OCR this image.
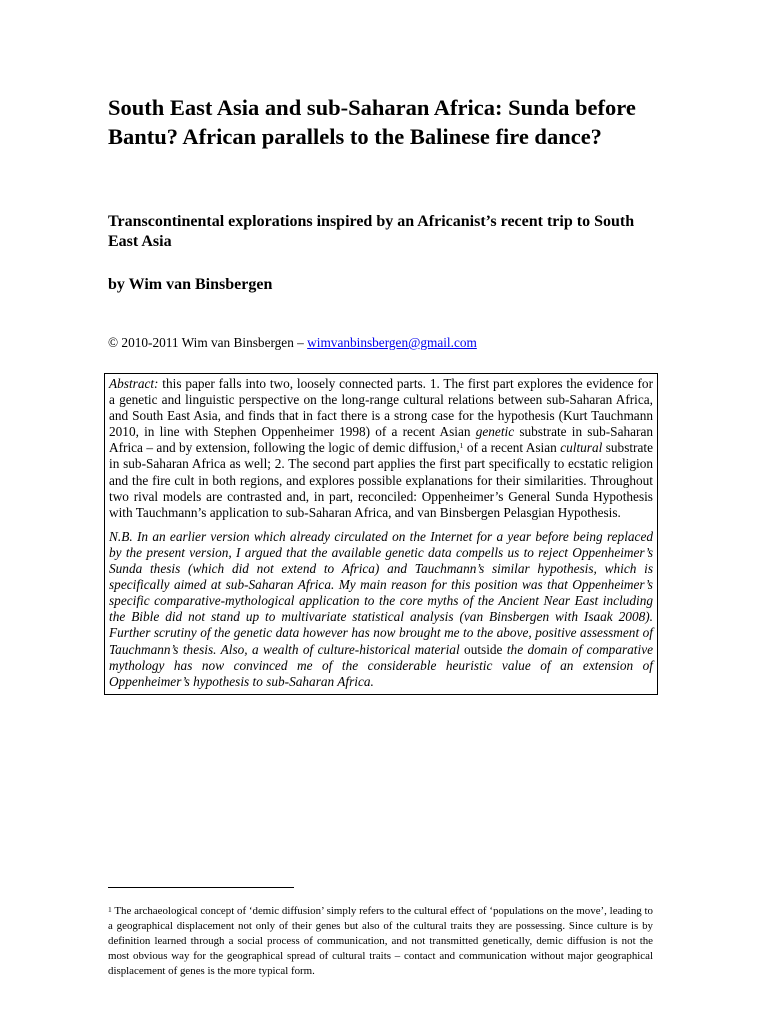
South East Asia and sub-Saharan Africa: Sunda before Bantu? African parallels to the Balinese fire dance?
Transcontinental explorations inspired by an Africanist’s recent trip to South East Asia

by Wim van Binsbergen

© 2010-2011 Wim van Binsbergen – wimvanbinsbergen@gmail.com

Abstract: this paper falls into two, loosely connected parts. 1. The first part explores the evidence for a genetic and linguistic perspective on the long-range cultural relations between sub-Saharan Africa, and South East Asia, and finds that in fact there is a strong case for the hypothesis (Kurt Tauchmann 2010, in line with Stephen Oppenheimer 1998) of a recent Asian genetic substrate in sub-Saharan Africa – and by extension, following the logic of demic diffusion,$^1$ of a recent Asian cultural substrate in sub-Saharan Africa as well; 2. The second part applies the first part specifically to ecstatic religion and the fire cult in both regions, and explores possible explanations for their similarities. Throughout two rival models are contrasted and, in part, reconciled: Oppenheimer’s General Sunda Hypothesis with Tauchmann’s application to sub-Saharan Africa, and van Binsbergen Pelasgian Hypothesis.

N.B. In an earlier version which already circulated on the Internet for a year before being replaced by the present version, I argued that the available genetic data compells us to reject Oppenheimer’s Sunda thesis (which did not extend to Africa) and Tauchmann’s similar hypothesis, which is specifically aimed at sub-Saharan Africa. My main reason for this position was that Oppenheimer’s specific comparative-mythological application to the core myths of the Ancient Near East including the Bible did not stand up to multivariate statistical analysis (van Binsbergen with Isaak 2008). Further scrutiny of the genetic data however has now brought me to the above, positive assessment of Tauchmann’s thesis. Also, a wealth of culture-historical material outside the domain of comparative mythology has now convinced me of the considerable heuristic value of an extension of Oppenheimer’s hypothesis to sub-Saharan Africa.

$^1$ The archaeological concept of ‘demic diffusion’ simply refers to the cultural effect of ‘populations on the move’, leading to a geographical displacement not only of their genes but also of the cultural traits they are possessing. Since culture is by definition learned through a social process of communication, and not transmitted genetically, demic diffusion is not the most obvious way for the geographical spread of cultural traits – contact and communication without major geographical displacement of genes is the more typical form.
